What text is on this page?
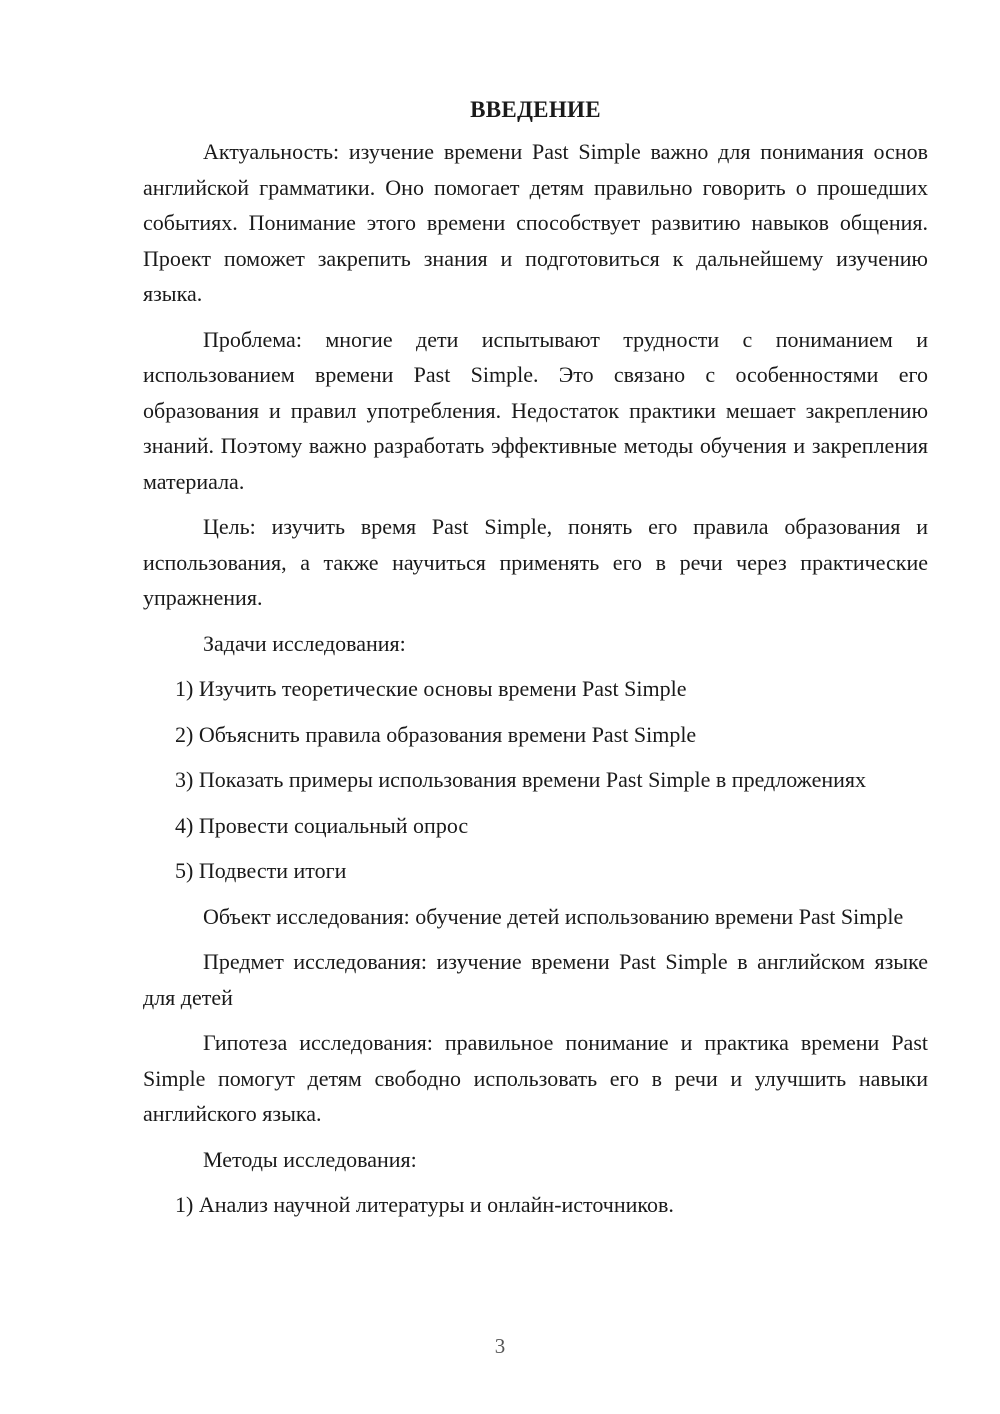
ВВЕДЕНИЕ

Актуальность: изучение времени Past Simple важно для понимания основ английской грамматики. Оно помогает детям правильно говорить о прошедших событиях. Понимание этого времени способствует развитию навыков общения. Проект поможет закрепить знания и подготовиться к дальнейшему изучению языка.

Проблема: многие дети испытывают трудности с пониманием и использованием времени Past Simple. Это связано с особенностями его образования и правил употребления. Недостаток практики мешает закреплению знаний. Поэтому важно разработать эффективные методы обучения и закрепления материала.

Цель: изучить время Past Simple, понять его правила образования и использования, а также научиться применять его в речи через практические упражнения.

Задачи исследования:

1) Изучить теоретические основы времени Past Simple

2) Объяснить правила образования времени Past Simple

3) Показать примеры использования времени Past Simple в предложениях

4) Провести социальный опрос

5) Подвести итоги

Объект исследования: обучение детей использованию времени Past Simple

Предмет исследования: изучение времени Past Simple в английском языке для детей

Гипотеза исследования: правильное понимание и практика времени Past Simple помогут детям свободно использовать его в речи и улучшить навыки английского языка.

Методы исследования:

1) Анализ научной литературы и онлайн-источников.

3
